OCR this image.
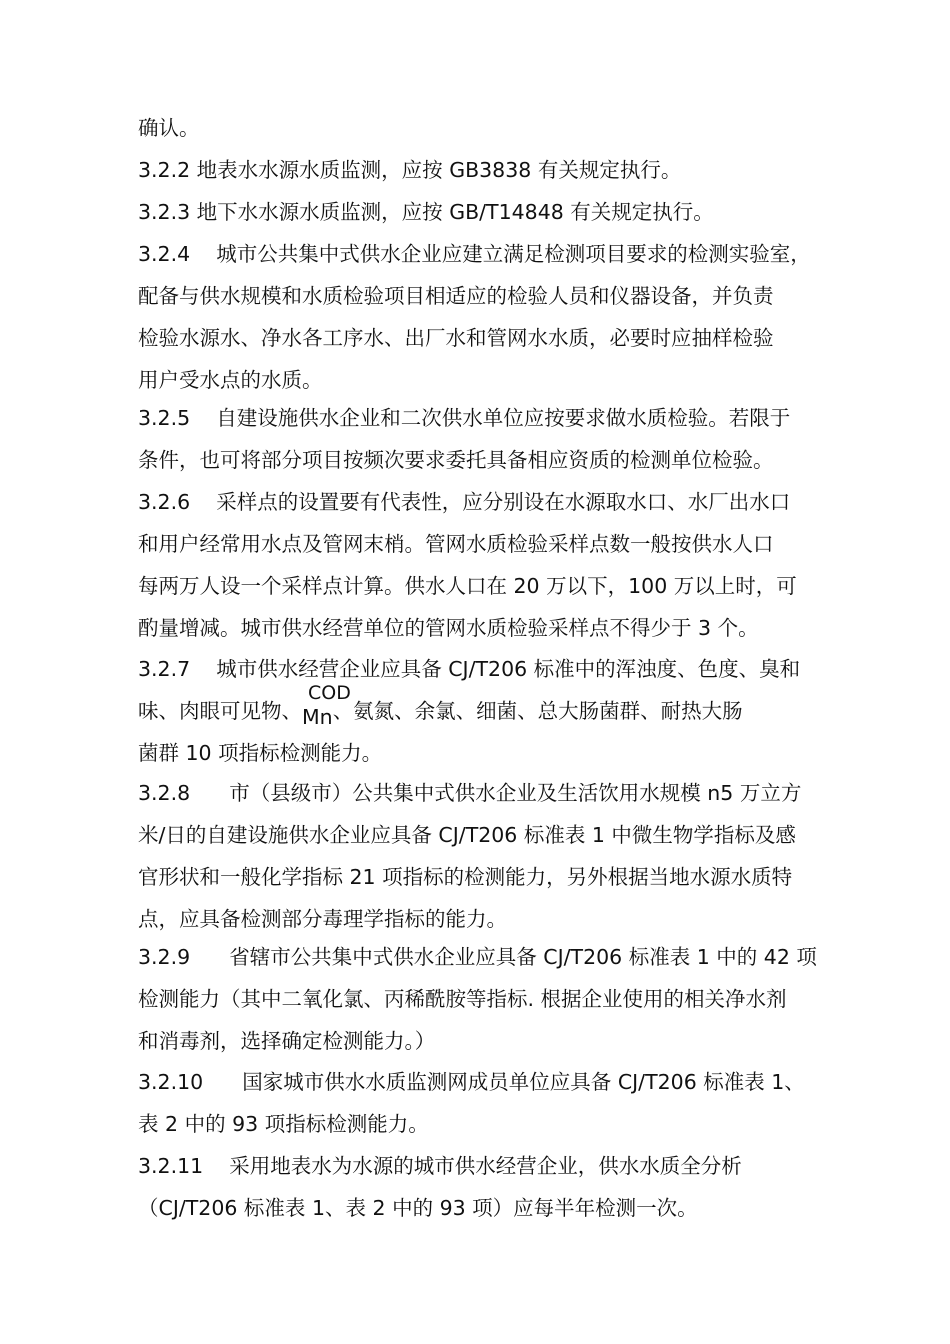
确认。
3.2.2 地表水水源水质监测，应按 GB3838 有关规定执行。
3.2.3 地下水水源水质监测，应按 GB/T14848 有关规定执行。
3.2.4    城市公共集中式供水企业应建立满足检测项目要求的检测实验室，
配备与供水规模和水质检验项目相适应的检验人员和仪器设备，并负责
检验水源水、净水各工序水、出厂水和管网水水质，必要时应抽样检验
用户受水点的水质。
3.2.5    自建设施供水企业和二次供水单位应按要求做水质检验。若限于
条件，也可将部分项目按频次要求委托具备相应资质的检测单位检验。
3.2.6    采样点的设置要有代表性，应分别设在水源取水口、水厂出水口
和用户经常用水点及管网末梢。管网水质检验采样点数一般按供水人口
每两万人设一个采样点计算。供水人口在 20 万以下，100 万以上时，可
酌量增减。城市供水经营单位的管网水质检验采样点不得少于 3 个。
3.2.7    城市供水经营企业应具备 CJ/T206 标准中的浑浊度、色度、臭和
COD
味、肉眼可见物、Mn、氨氮、余氯、细菌、总大肠菌群、耐热大肠
菌群 10 项指标检测能力。
3.2.8      市（县级市）公共集中式供水企业及生活饮用水规模 n5 万立方
米/日的自建设施供水企业应具备 CJ/T206 标准表 1 中微生物学指标及感
官形状和一般化学指标 21 项指标的检测能力，另外根据当地水源水质特
点，应具备检测部分毒理学指标的能力。
3.2.9      省辖市公共集中式供水企业应具备 CJ/T206 标准表 1 中的 42 项
检测能力（其中二氧化氯、丙稀酰胺等指标. 根据企业使用的相关净水剂
和消毒剂，选择确定检测能力。）
3.2.10      国家城市供水水质监测网成员单位应具备 CJ/T206 标准表 1、
表 2 中的 93 项指标检测能力。
3.2.11    采用地表水为水源的城市供水经营企业，供水水质全分析
（CJ/T206 标准表 1、表 2 中的 93 项）应每半年检测一次。
